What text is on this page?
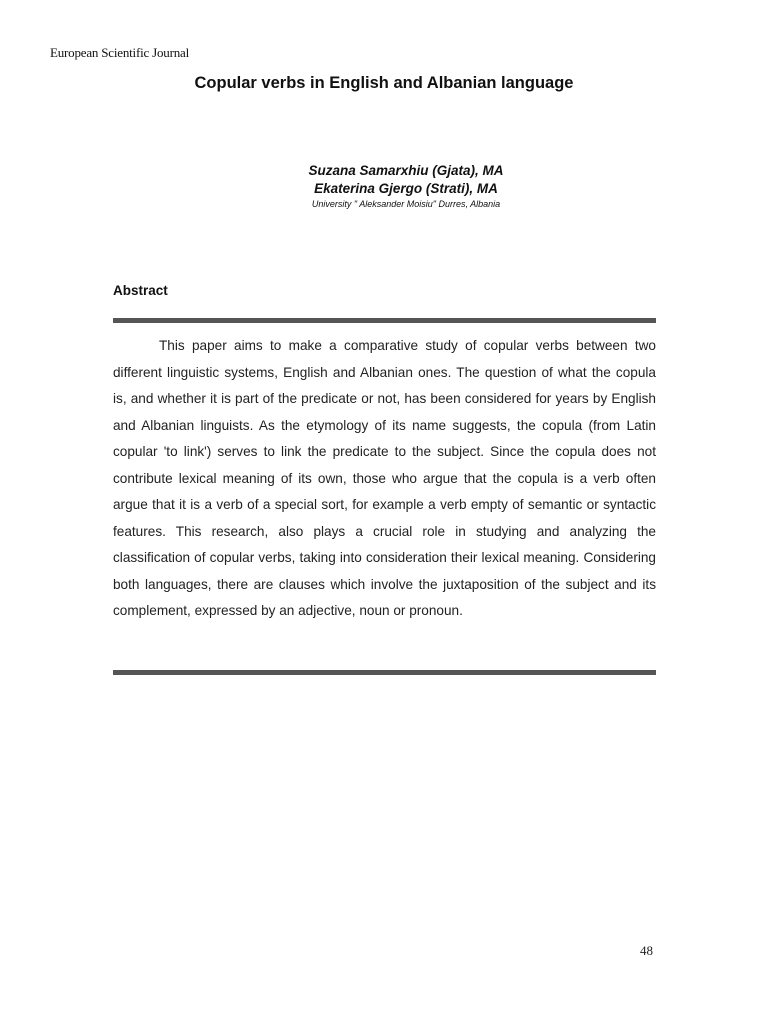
European Scientific Journal
Copular verbs in English and Albanian language
Suzana Samarxhiu (Gjata), MA
Ekaterina Gjergo (Strati), MA
University " Aleksander Moisiu" Durres, Albania
Abstract

This paper aims to make a comparative study of copular verbs between two different linguistic systems, English and Albanian ones. The question of what the copula is, and whether it is part of the predicate or not, has been considered for years by English and Albanian linguists. As the etymology of its name suggests, the copula (from Latin copular 'to link') serves to link the predicate to the subject. Since the copula does not contribute lexical meaning of its own, those who argue that the copula is a verb often argue that it is a verb of a special sort, for example a verb empty of semantic or syntactic features. This research, also plays a crucial role in studying and analyzing the classification of copular verbs, taking into consideration their lexical meaning. Considering both languages, there are clauses which involve the juxtaposition of the subject and its complement, expressed by an adjective, noun or pronoun.

48
